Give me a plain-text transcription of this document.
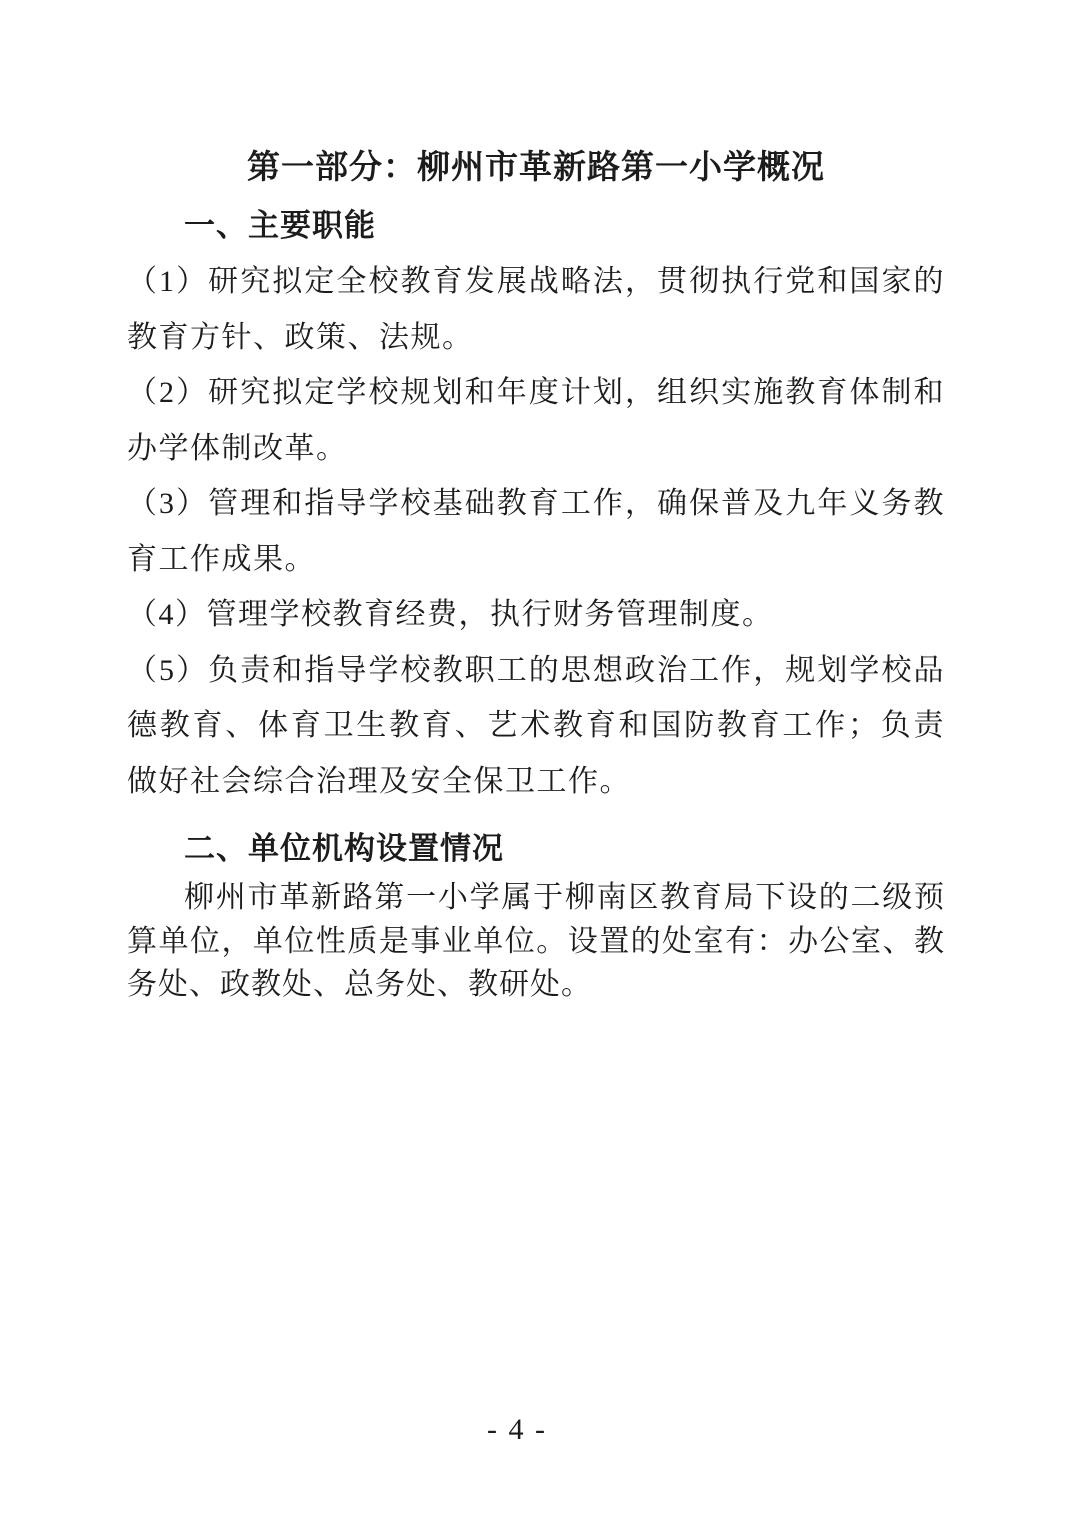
第一部分：柳州市革新路第一小学概况
一、主要职能

（1）研究拟定全校教育发展战略法，贯彻执行党和国家的教育方针、政策、法规。

（2）研究拟定学校规划和年度计划，组织实施教育体制和办学体制改革。

（3）管理和指导学校基础教育工作，确保普及九年义务教育工作成果。

（4）管理学校教育经费，执行财务管理制度。

（5）负责和指导学校教职工的思想政治工作，规划学校品德教育、体育卫生教育、艺术教育和国防教育工作；负责做好社会综合治理及安全保卫工作。

二、单位机构设置情况

柳州市革新路第一小学属于柳南区教育局下设的二级预算单位，单位性质是事业单位。设置的处室有：办公室、教务处、政教处、总务处、教研处。

- 4 -
